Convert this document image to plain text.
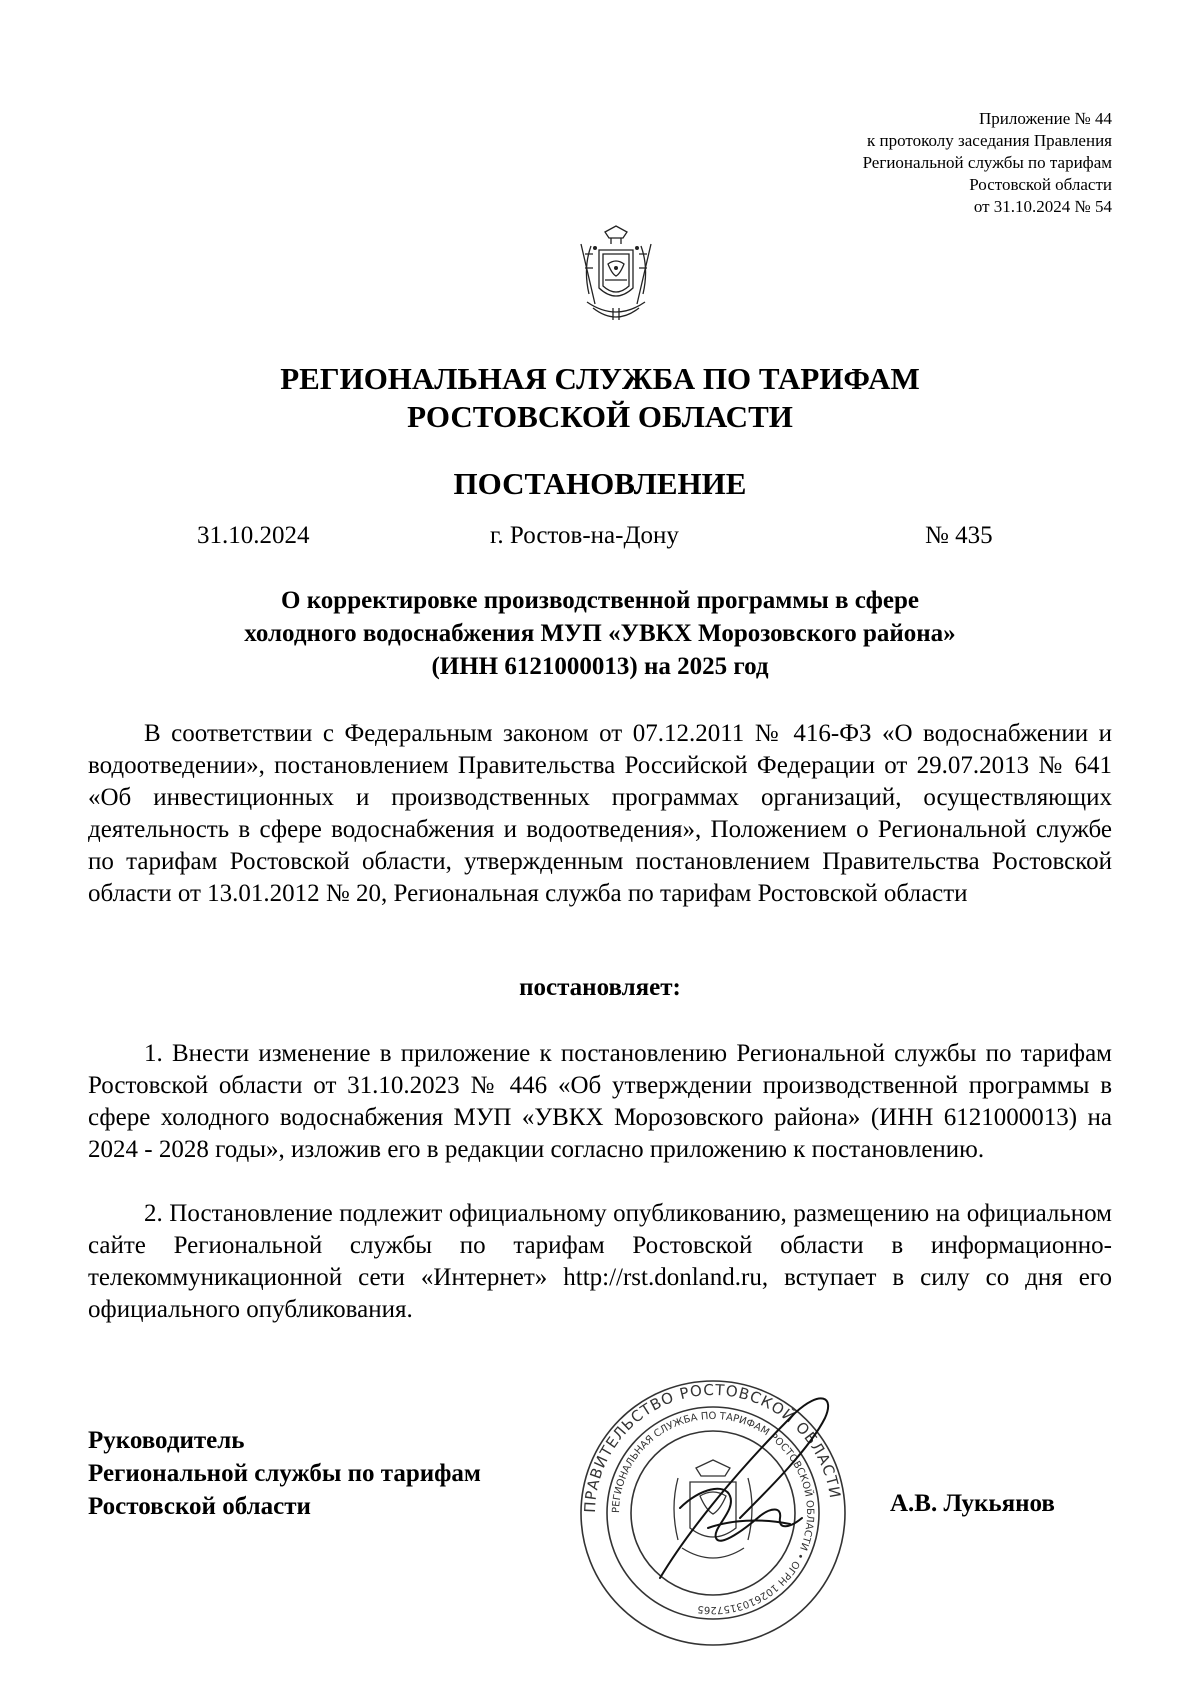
Приложение № 44
к протоколу заседания Правления
Региональной службы по тарифам
Ростовской области
от 31.10.2024 № 54
РЕГИОНАЛЬНАЯ СЛУЖБА ПО ТАРИФАМ
РОСТОВСКОЙ ОБЛАСТИ
ПОСТАНОВЛЕНИЕ
31.10.2024	г. Ростов-на-Дону	№ 435
О корректировке производственной программы в сфере
холодного водоснабжения МУП «УВКХ Морозовского района»
(ИНН 6121000013) на 2025 год
В соответствии с Федеральным законом от 07.12.2011 № 416-ФЗ «О водоснабжении и водоотведении», постановлением Правительства Российской Федерации от 29.07.2013 № 641 «Об инвестиционных и производственных программах организаций, осуществляющих деятельность в сфере водоснабжения и водоотведения», Положением о Региональной службе по тарифам Ростовской области, утвержденным постановлением Правительства Ростовской области от 13.01.2012 № 20, Региональная служба по тарифам Ростовской области
постановляет:
1. Внести изменение в приложение к постановлению Региональной службы по тарифам Ростовской области от 31.10.2023 № 446 «Об утверждении производственной программы в сфере холодного водоснабжения МУП «УВКХ Морозовского района» (ИНН 6121000013) на 2024 - 2028 годы», изложив его в редакции согласно приложению к постановлению.
2. Постановление подлежит официальному опубликованию, размещению на официальном сайте Региональной службы по тарифам Ростовской области в информационно-телекоммуникационной сети «Интернет» http://rst.donland.ru, вступает в силу со дня его официального опубликования.
Руководитель
Региональной службы по тарифам
Ростовской области	ПРАВИТЕЛЬСТВО РОСТОВСКОЙ ОБЛАСТИ
РЕГИОНАЛЬНАЯ СЛУЖБА ПО ТАРИФАМ РОСТОВСКОЙ ОБЛАСТИ • ОГРН 1026103157265
А.В. Лукьянов
